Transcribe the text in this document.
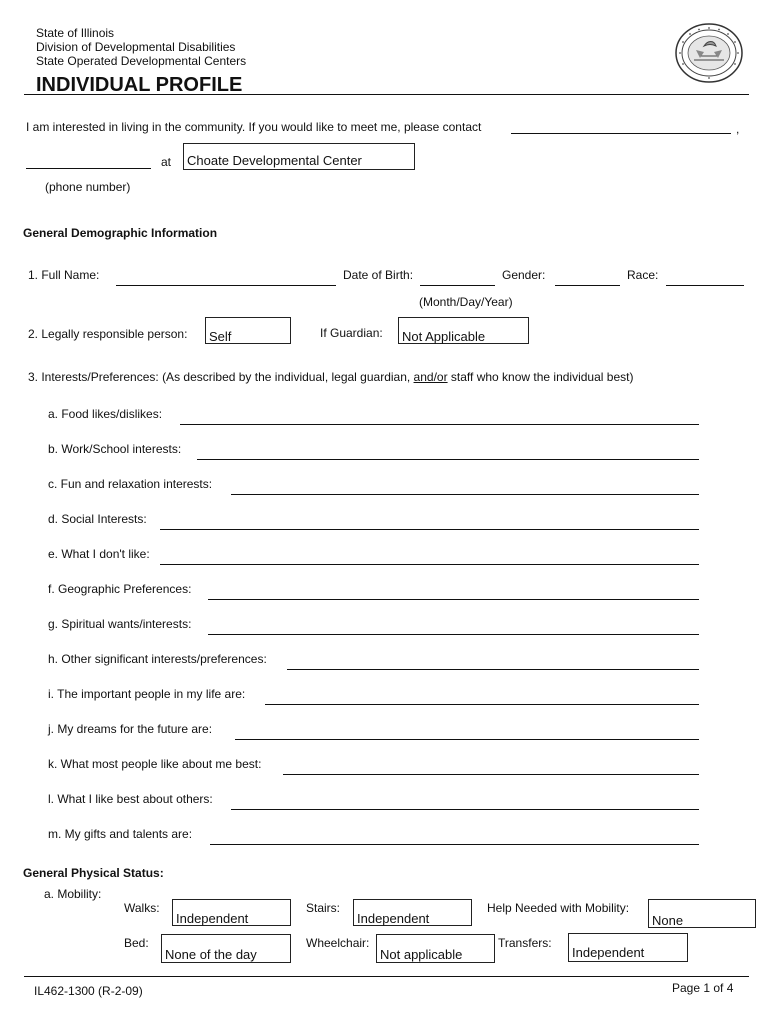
State of Illinois
Division of Developmental Disabilities
State Operated Developmental Centers
INDIVIDUAL PROFILE
I am interested in living in the community. If you would like to meet me, please contact	,
at Choate Developmental Center
(phone number)
General Demographic Information
1. Full Name:	Date of Birth:	Gender:	Race:
(Month/Day/Year)
2. Legally responsible person: Self	If Guardian: Not Applicable
3. Interests/Preferences: (As described by the individual, legal guardian, and/or staff who know the individual best)
a. Food likes/dislikes:
b. Work/School interests:
c. Fun and relaxation interests:
d. Social Interests:
e. What I don't like:
f. Geographic Preferences:
g. Spiritual wants/interests:
h. Other significant interests/preferences:
i. The important people in my life are:
j. My dreams for the future are:
k. What most people like about me best:
l. What I like best about others:
m. My gifts and talents are:
General Physical Status:
a. Mobility:
Walks:
Independent
Stairs:
Independent
Help Needed with Mobility:
None
Bed:
None of the day
Wheelchair:
Not applicable
Transfers:
Independent
IL462-1300 (R-2-09)	Page 1 of 4
